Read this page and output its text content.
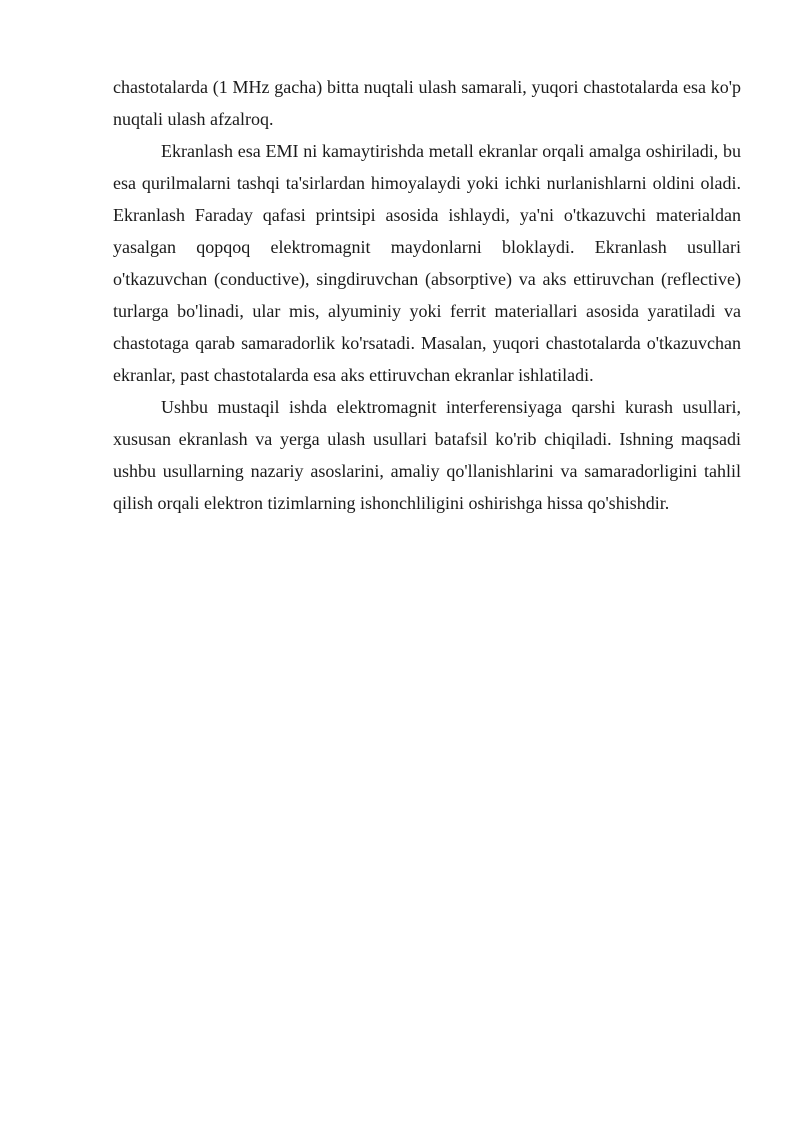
chastotalarda (1 MHz gacha) bitta nuqtali ulash samarali, yuqori chastotalarda esa ko'p nuqtali ulash afzalroq.

Ekranlash esa EMI ni kamaytirishda metall ekranlar orqali amalga oshiriladi, bu esa qurilmalarni tashqi ta'sirlardan himoyalaydi yoki ichki nurlanishlarni oldini oladi. Ekranlash Faraday qafasi printsipi asosida ishlaydi, ya'ni o'tkazuvchi materialdan yasalgan qopqoq elektromagnit maydonlarni bloklaydi. Ekranlash usullari o'tkazuvchan (conductive), singdiruvchan (absorptive) va aks ettiruvchan (reflective) turlarga bo'linadi, ular mis, alyuminiy yoki ferrit materiallari asosida yaratiladi va chastotaga qarab samaradorlik ko'rsatadi. Masalan, yuqori chastotalarda o'tkazuvchan ekranlar, past chastotalarda esa aks ettiruvchan ekranlar ishlatiladi.

Ushbu mustaqil ishda elektromagnit interferensiyaga qarshi kurash usullari, xususan ekranlash va yerga ulash usullari batafsil ko'rib chiqiladi. Ishning maqsadi ushbu usullarning nazariy asoslarini, amaliy qo'llanishlarini va samaradorligini tahlil qilish orqali elektron tizimlarning ishonchliligini oshirishga hissa qo'shishdir.
